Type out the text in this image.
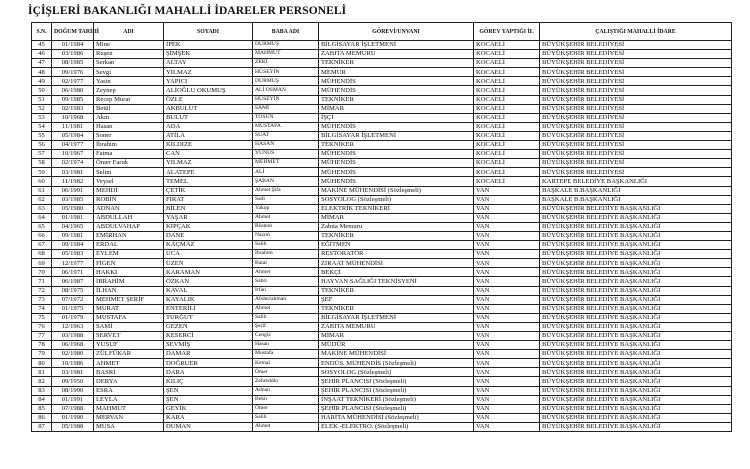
İÇİŞLERİ BAKANLIĞI MAHALLİ İDARELER PERSONELİ
S.N.	DOĞUM TARİHİ	ADI	SOYADI	BABA ADI	GÖREVİ/UNVANI	GÖREV YAPTIĞI İL	ÇALIŞTIĞI MAHALLİ İDARE
45	01/1984	Mine	İPEK	DURMUŞ	BİLGİSAYAR İŞLETMENİ	KOCAELİ	BÜYÜKŞEHİR BELEDİYESİ
46	03/1986	Ruşen	ŞİMŞEK	MAHMUT	ZABITA MEMURU	KOCAELİ	BÜYÜKŞEHİR BELEDİYESİ
47	08/1985	Serkan	ALTAY	ZEKİ	TEKNİKER	KOCAELİ	BÜYÜKŞEHİR BELEDİYESİ
48	09/1976	Sevgi	YILMAZ	HÜSEYİN	MEMUR	KOCAELİ	BÜYÜKŞEHİR BELEDİYESİ
49	02/1977	Yasin	YAPICI	DURMUŞ	MÜHENDİS	KOCAELİ	BÜYÜKŞEHİR BELEDİYESİ
50	06/1980	Zeynep	ALİOĞLU OKUMUŞ	ALİ OSMAN	MÜHENDİS	KOCAELİ	BÜYÜKŞEHİR BELEDİYESİ
51	09/1985	Recep Murat	ÖZLE	HÜSEYİN	TEKNİKER	KOCAELİ	BÜYÜKŞEHİR BELEDİYESİ
52	02/1983	Betül	AKBULUT	SAMİ	MİMAR	KOCAELİ	BÜYÜKŞEHİR BELEDİYESİ
53	10/1968	Akın	BULUT	TOSUN	İŞÇİ	KOCAELİ	BÜYÜKŞEHİR BELEDİYESİ
54	11/1981	Hasan	ADA	MUSTAFA	MÜHENDİS	KOCAELİ	BÜYÜKŞEHİR BELEDİYESİ
55	05/1984	Soner	ATİLA	SUAT	BİLGİSAYAR İŞLETMENİ	KOCAELİ	BÜYÜKŞEHİR BELEDİYESİ
56	04/1977	İbrahim	KILDIZE	HASAN	TEKNİKER	KOCAELİ	BÜYÜKŞEHİR BELEDİYESİ
57	10/1967	Fatma	CAN	YUNUS	MÜHENDİS	KOCAELİ	BÜYÜKŞEHİR BELEDİYESİ
58	02/1974	Ömer Faruk	YILMAZ	MEHMET	MÜHENDİS	KOCAELİ	BÜYÜKŞEHİR BELEDİYESİ
59	03/1981	Selim	ALATEPE	ALİ	MÜHENDİS	KOCAELİ	BÜYÜKŞEHİR BELEDİYESİ
60	11/1982	Veysel	TEMEL	ŞABAN	MÜHENDİS	KOCAELİ	KARTEPE BELEDİYE BAŞKANLIĞI
61	06/1991	MEHDİ	ÇETİK	Ahmet Şifa	MAKİNE MÜHENDİSİ (Sözleşmeli)	VAN	BAŞKALE B.BAŞKANLIĞI
62	03/1985	ROBİN	FIRAT	Sadi	SOSYOLOG (Sözleşmeli)	VAN	BAŞKALE B.BAŞKANLIĞI
63	05/1980	ADNAN	BİLEN	Yakup	ELEKTRİK TEKNİKERİ	VAN	BÜYÜKŞEHİR BELEDİYE BAŞKANLIĞI
64	01/1981	ABDULLAH	YAŞAR	Ahmet	MİMAR	VAN	BÜYÜKŞEHİR BELEDİYE BAŞKANLIĞI
65	04/1965	ABDULVAHAP	KIPÇAK	Rüstem	Zabıta Memuru	VAN	BÜYÜKŞEHİR BELEDİYE BAŞKANLIĞI
66	09/1981	EMİRHAN	DANE	Nazım	TEKNİKER	VAN	BÜYÜKŞEHİR BELEDİYE BAŞKANLIĞI
67	09/1984	ERDAL	KAÇMAZ	Salih	EĞİTMEN	VAN	BÜYÜKŞEHİR BELEDİYE BAŞKANLIĞI
68	05/1983	EYLEM	UCA	İbrahim	RESTORATÖR	VAN	BÜYÜKŞEHİR BELEDİYE BAŞKANLIĞI
69	12/1977	FİGEN	ÜZEN	Batal	ZİRAAT MÜHENDİSİ	VAN	BÜYÜKŞEHİR BELEDİYE BAŞKANLIĞI
70	06/1971	HAKKI	KARAMAN	Ahmet	BEKÇİ	VAN	BÜYÜKŞEHİR BELEDİYE BAŞKANLIĞI
71	06/1987	İBRAHİM	ÖZKAN	Sabri	HAYVAN SAĞLIĞI TEKNİSYENİ	VAN	BÜYÜKŞEHİR BELEDİYE BAŞKANLIĞI
72	08/1975	İLHAN	KAVAL	İrfan	TEKNİKER	VAN	BÜYÜKŞEHİR BELEDİYE BAŞKANLIĞI
73	07/1972	MEHMET ŞERİF	KAYALIK	Abdurrahman	ŞEF	VAN	BÜYÜKŞEHİR BELEDİYE BAŞKANLIĞI
74	01/1975	MURAT	ENTERİLİ	Ahmet	TEKNİKER	VAN	BÜYÜKŞEHİR BELEDİYE BAŞKANLIĞI
75	01/1979	MUSTAFA	TURĞUT	Salih	BİLGİSAYAR İŞLETMENİ	VAN	BÜYÜKŞEHİR BELEDİYE BAŞKANLIĞI
76	12/1963	SAMİ	GEZEN	Şerif	ZABITA MEMURU	VAN	BÜYÜKŞEHİR BELEDİYE BAŞKANLIĞI
77	03/1988	SERVET	KESERCİ	Cengiz	MİMAR	VAN	BÜYÜKŞEHİR BELEDİYE BAŞKANLIĞI
78	06/1968	YUSUF	SEVMİŞ	Hasan	MÜDÜR	VAN	BÜYÜKŞEHİR BELEDİYE BAŞKANLIĞI
79	02/1980	ZÜLFÜKAR	DAMAR	Mustafa	MAKİNE MÜHENDİSİ	VAN	BÜYÜKŞEHİR BELEDİYE BAŞKANLIĞI
80	10/1986	AHMET	DOĞRUER	Kemal	ENDÜS. MÜHENDİS (Sözleşmeli)	VAN	BÜYÜKŞEHİR BELEDİYE BAŞKANLIĞI
81	03/1981	BASRİ	DARA	Ömer	SOSYOLOG (Sözleşmeli)	VAN	BÜYÜKŞEHİR BELEDİYE BAŞKANLIĞI
82	09/1950	DERYA	KILIÇ	Zehreddin	ŞEHİR PLANCISI (Sözleşmeli)	VAN	BÜYÜKŞEHİR BELEDİYE BAŞKANLIĞI
83	08/1990	ESRA	ŞEN	Adnan	ŞEHİR PLANCISI (Sözleşmeli)	VAN	BÜYÜKŞEHİR BELEDİYE BAŞKANLIĞI
84	01/1991	LEYLA	ŞEN	Bekir	İNŞAAT TEKNİKERİ (Sözleşmeli)	VAN	BÜYÜKŞEHİR BELEDİYE BAŞKANLIĞI
85	07/1988	MAHMUT	GEYİK	Ömer	ŞEHİR PLANCISI (Sözleşmeli)	VAN	BÜYÜKŞEHİR BELEDİYE BAŞKANLIĞI
86	01/1990	MERVAN	KARA	Salih	HARİTA MÜHENDİSİ (Sözleşmeli)	VAN	BÜYÜKŞEHİR BELEDİYE BAŞKANLIĞI
87	05/1988	MUSA	DUMAN	Ahmet	ELEK.-ELEKTRO. (Sözleşmeli)	VAN	BÜYÜKŞEHİR BELEDİYE BAŞKANLIĞI
